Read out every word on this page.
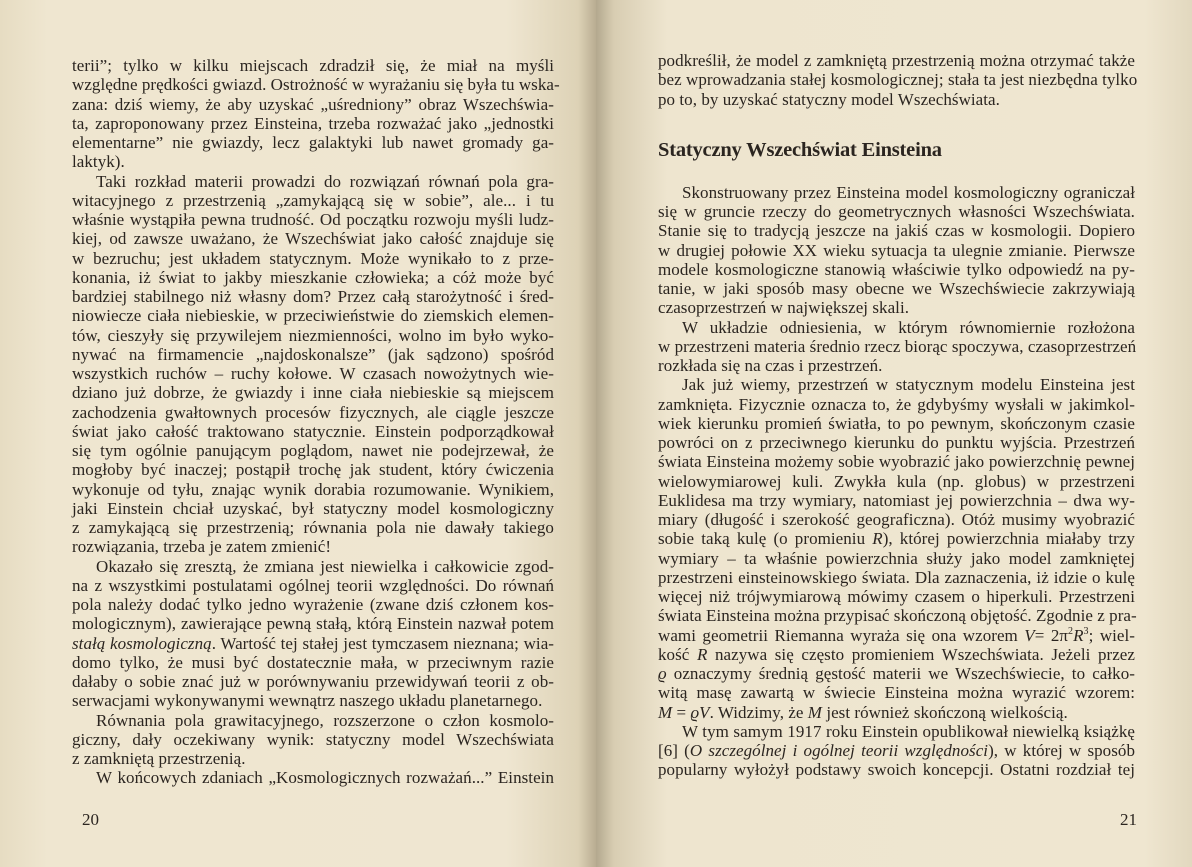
terii”; tylko w kilku miejscach zdradził się, że miał na myśli
względne prędkości gwiazd. Ostrożność w wyrażaniu się była tu wska-
zana: dziś wiemy, że aby uzyskać „uśredniony” obraz Wszechświa-
ta, zaproponowany przez Einsteina, trzeba rozważać jako „jednostki
elementarne” nie gwiazdy, lecz galaktyki lub nawet gromady ga-
laktyk).
Taki rozkład materii prowadzi do rozwiązań równań pola gra-
witacyjnego z przestrzenią „zamykającą się w sobie”, ale... i tu
właśnie wystąpiła pewna trudność. Od początku rozwoju myśli ludz-
kiej, od zawsze uważano, że Wszechświat jako całość znajduje się
w bezruchu; jest układem statycznym. Może wynikało to z prze-
konania, iż świat to jakby mieszkanie człowieka; a cóż może być
bardziej stabilnego niż własny dom? Przez całą starożytność i śred-
niowiecze ciała niebieskie, w przeciwieństwie do ziemskich elemen-
tów, cieszyły się przywilejem niezmienności, wolno im było wyko-
nywać na firmamencie „najdoskonalsze” (jak sądzono) spośród
wszystkich ruchów – ruchy kołowe. W czasach nowożytnych wie-
dziano już dobrze, że gwiazdy i inne ciała niebieskie są miejscem
zachodzenia gwałtownych procesów fizycznych, ale ciągle jeszcze
świat jako całość traktowano statycznie. Einstein podporządkował
się tym ogólnie panującym poglądom, nawet nie podejrzewał, że
mogłoby być inaczej; postąpił trochę jak student, który ćwiczenia
wykonuje od tyłu, znając wynik dorabia rozumowanie. Wynikiem,
jaki Einstein chciał uzyskać, był statyczny model kosmologiczny
z zamykającą się przestrzenią; równania pola nie dawały takiego
rozwiązania, trzeba je zatem zmienić!
Okazało się zresztą, że zmiana jest niewielka i całkowicie zgod-
na z wszystkimi postulatami ogólnej teorii względności. Do równań
pola należy dodać tylko jedno wyrażenie (zwane dziś członem kos-
mologicznym), zawierające pewną stałą, którą Einstein nazwał potem
stałą kosmologiczną. Wartość tej stałej jest tymczasem nieznana; wia-
domo tylko, że musi być dostatecznie mała, w przeciwnym razie
dałaby o sobie znać już w porównywaniu przewidywań teorii z ob-
serwacjami wykonywanymi wewnątrz naszego układu planetarnego.
Równania pola grawitacyjnego, rozszerzone o człon kosmolo-
giczny, dały oczekiwany wynik: statyczny model Wszechświata
z zamkniętą przestrzenią.
W końcowych zdaniach „Kosmologicznych rozważań...” Einstein
20
podkreślił, że model z zamkniętą przestrzenią można otrzymać także
bez wprowadzania stałej kosmologicznej; stała ta jest niezbędna tylko
po to, by uzyskać statyczny model Wszechświata.
Statyczny Wszechświat Einsteina
Skonstruowany przez Einsteina model kosmologiczny ograniczał
się w gruncie rzeczy do geometrycznych własności Wszechświata.
Stanie się to tradycją jeszcze na jakiś czas w kosmologii. Dopiero
w drugiej połowie XX wieku sytuacja ta ulegnie zmianie. Pierwsze
modele kosmologiczne stanowią właściwie tylko odpowiedź na py-
tanie, w jaki sposób masy obecne we Wszechświecie zakrzywiają
czasoprzestrzeń w największej skali.
W układzie odniesienia, w którym równomiernie rozłożona
w przestrzeni materia średnio rzecz biorąc spoczywa, czasoprzestrzeń
rozkłada się na czas i przestrzeń.
Jak już wiemy, przestrzeń w statycznym modelu Einsteina jest
zamknięta. Fizycznie oznacza to, że gdybyśmy wysłali w jakimkol-
wiek kierunku promień światła, to po pewnym, skończonym czasie
powróci on z przeciwnego kierunku do punktu wyjścia. Przestrzeń
świata Einsteina możemy sobie wyobrazić jako powierzchnię pewnej
wielowymiarowej kuli. Zwykła kula (np. globus) w przestrzeni
Euklidesa ma trzy wymiary, natomiast jej powierzchnia – dwa wy-
miary (długość i szerokość geograficzna). Otóż musimy wyobrazić
sobie taką kulę (o promieniu R), której powierzchnia miałaby trzy
wymiary – ta właśnie powierzchnia służy jako model zamkniętej
przestrzeni einsteinowskiego świata. Dla zaznaczenia, iż idzie o kulę
więcej niż trójwymiarową mówimy czasem o hiperkuli. Przestrzeni
świata Einsteina można przypisać skończoną objętość. Zgodnie z pra-
wami geometrii Riemanna wyraża się ona wzorem $V= 2\pi^2R^3$; wiel-
kość R nazywa się często promieniem Wszechświata. Jeżeli przez
ϱ oznaczymy średnią gęstość materii we Wszechświecie, to całko-
witą masę zawartą w świecie Einsteina można wyrazić wzorem:
M = ϱV. Widzimy, że M jest również skończoną wielkością.
W tym samym 1917 roku Einstein opublikował niewielką książkę
[6] (O szczególnej i ogólnej teorii względności), w której w sposób
popularny wyłożył podstawy swoich koncepcji. Ostatni rozdział tej
21
